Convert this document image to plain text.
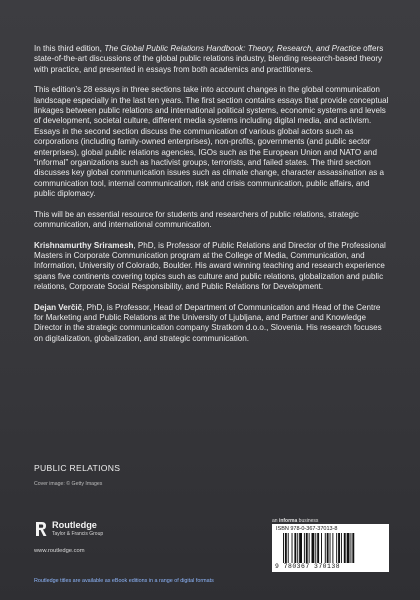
In this third edition, The Global Public Relations Handbook: Theory, Research, and Practice offers state-of-the-art discussions of the global public relations industry, blending research-based theory with practice, and presented in essays from both academics and practitioners.

This edition’s 28 essays in three sections take into account changes in the global communication landscape especially in the last ten years. The first section contains essays that provide conceptual linkages between public relations and international political systems, economic systems and levels of development, societal culture, different media systems including digital media, and activism. Essays in the second section discuss the communication of various global actors such as corporations (including family-owned enterprises), non-profits, governments (and public sector enterprises), global public relations agencies, IGOs such as the European Union and NATO and “informal” organizations such as hactivist groups, terrorists, and failed states. The third section discusses key global communication issues such as climate change, character assassination as a communication tool, internal communication, risk and crisis communication, public affairs, and public diplomacy.

This will be an essential resource for students and researchers of public relations, strategic communication, and international communication.

Krishnamurthy Sriramesh, PhD, is Professor of Public Relations and Director of the Professional Masters in Corporate Communication program at the College of Media, Communication, and Information, University of Colorado, Boulder. His award winning teaching and research experience spans five continents covering topics such as culture and public relations, globalization and public relations, Corporate Social Responsibility, and Public Relations for Development.

Dejan Verčič, PhD, is Professor, Head of Department of Communication and Head of the Centre for Marketing and Public Relations at the University of Ljubljana, and Partner and Knowledge Director in the strategic communication company Stratkom d.o.o., Slovenia. His research focuses on digitalization, globalization, and strategic communication.

PUBLIC RELATIONS
Cover image: © Getty Images
Routledge
Taylor & Francis Group
www.routledge.com
Routledge titles are available as eBook editions in a range of digital formats
an informa business
ISBN 978-0-367-37013-8
9 780367 370138
